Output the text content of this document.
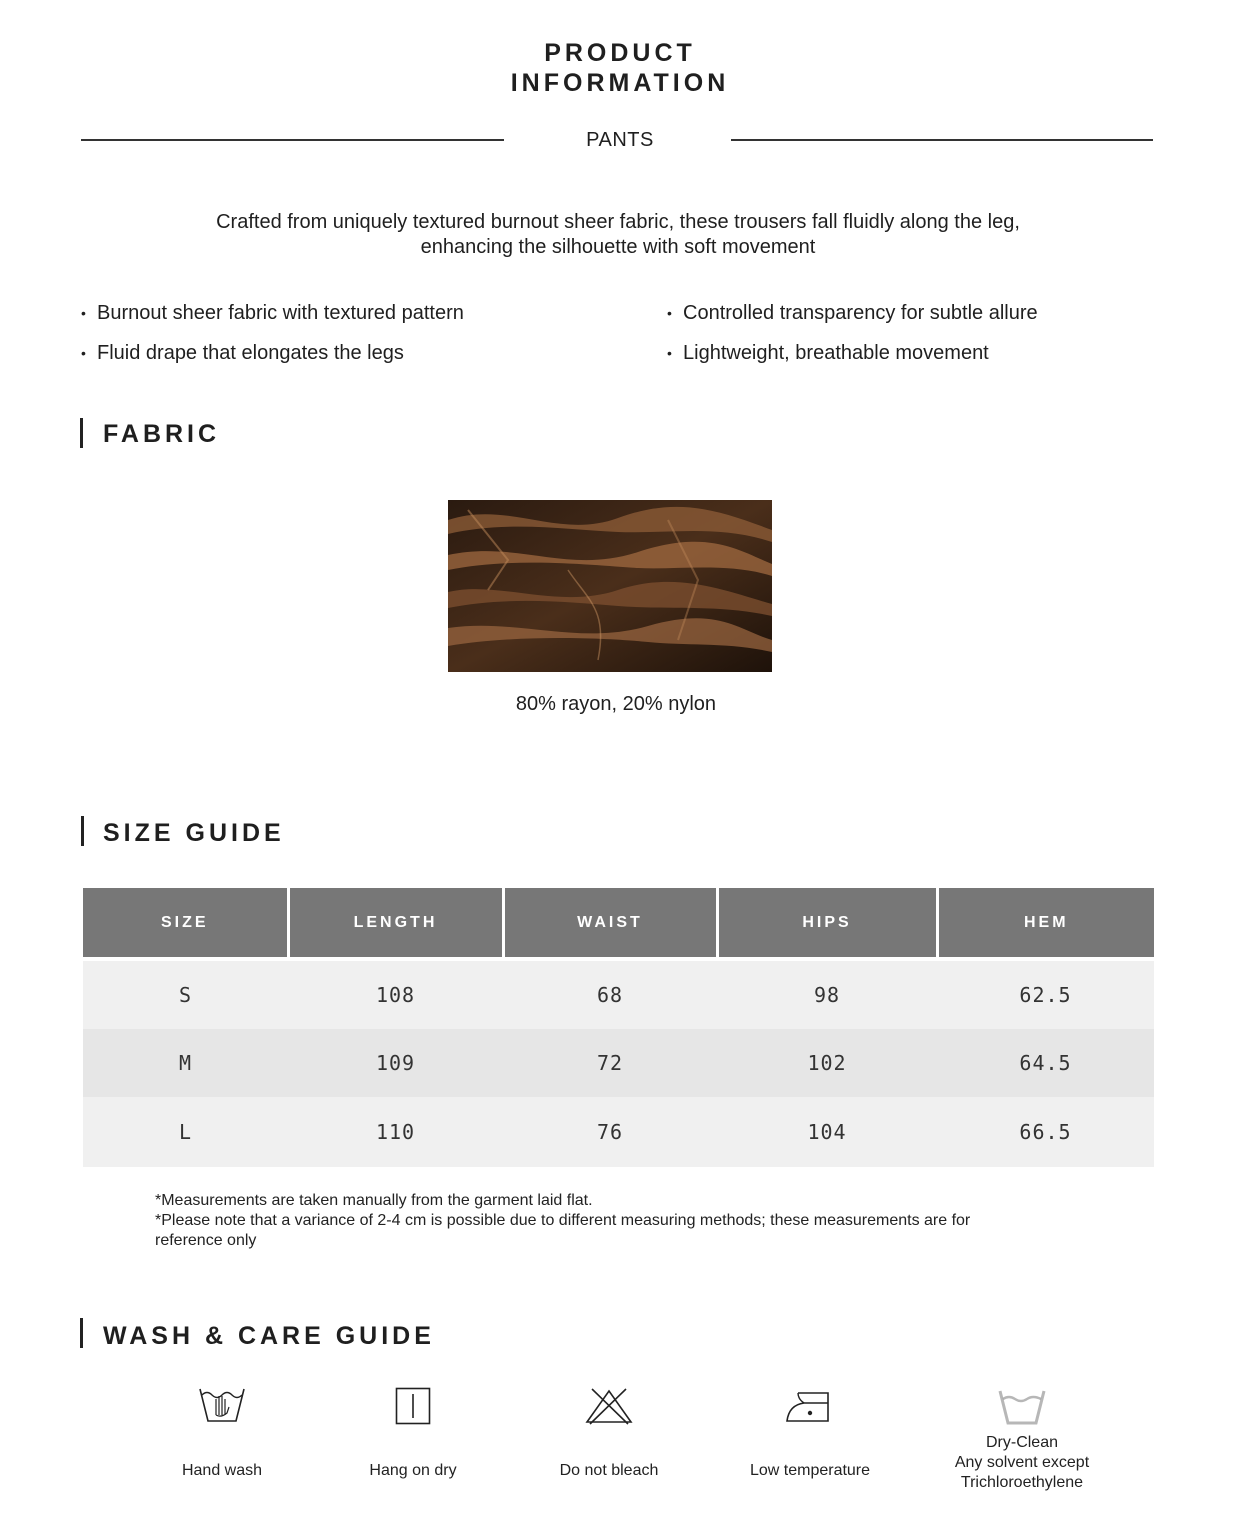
PRODUCT
INFORMATION
PANTS
Crafted from uniquely textured burnout sheer fabric, these trousers fall fluidly along the leg,
enhancing the silhouette with soft movement
• Burnout sheer fabric with textured pattern
• Fluid drape that elongates the legs
• Controlled transparency for subtle allure
• Lightweight, breathable movement
FABRIC
80% rayon, 20% nylon
SIZE GUIDE
SIZE	LENGTH	WAIST	HIPS	HEM

S	108	68	98	62.5
M	109	72	102	64.5
L	110	76	104	66.5
*Measurements are taken manually from the garment laid flat.
*Please note that a variance of 2-4 cm is possible due to different measuring methods; these measurements are for
reference only
WASH & CARE GUIDE
Hand wash	Hang on dry	Do not bleach	Low temperature
Dry-Clean
Any solvent except
Trichloroethylene
